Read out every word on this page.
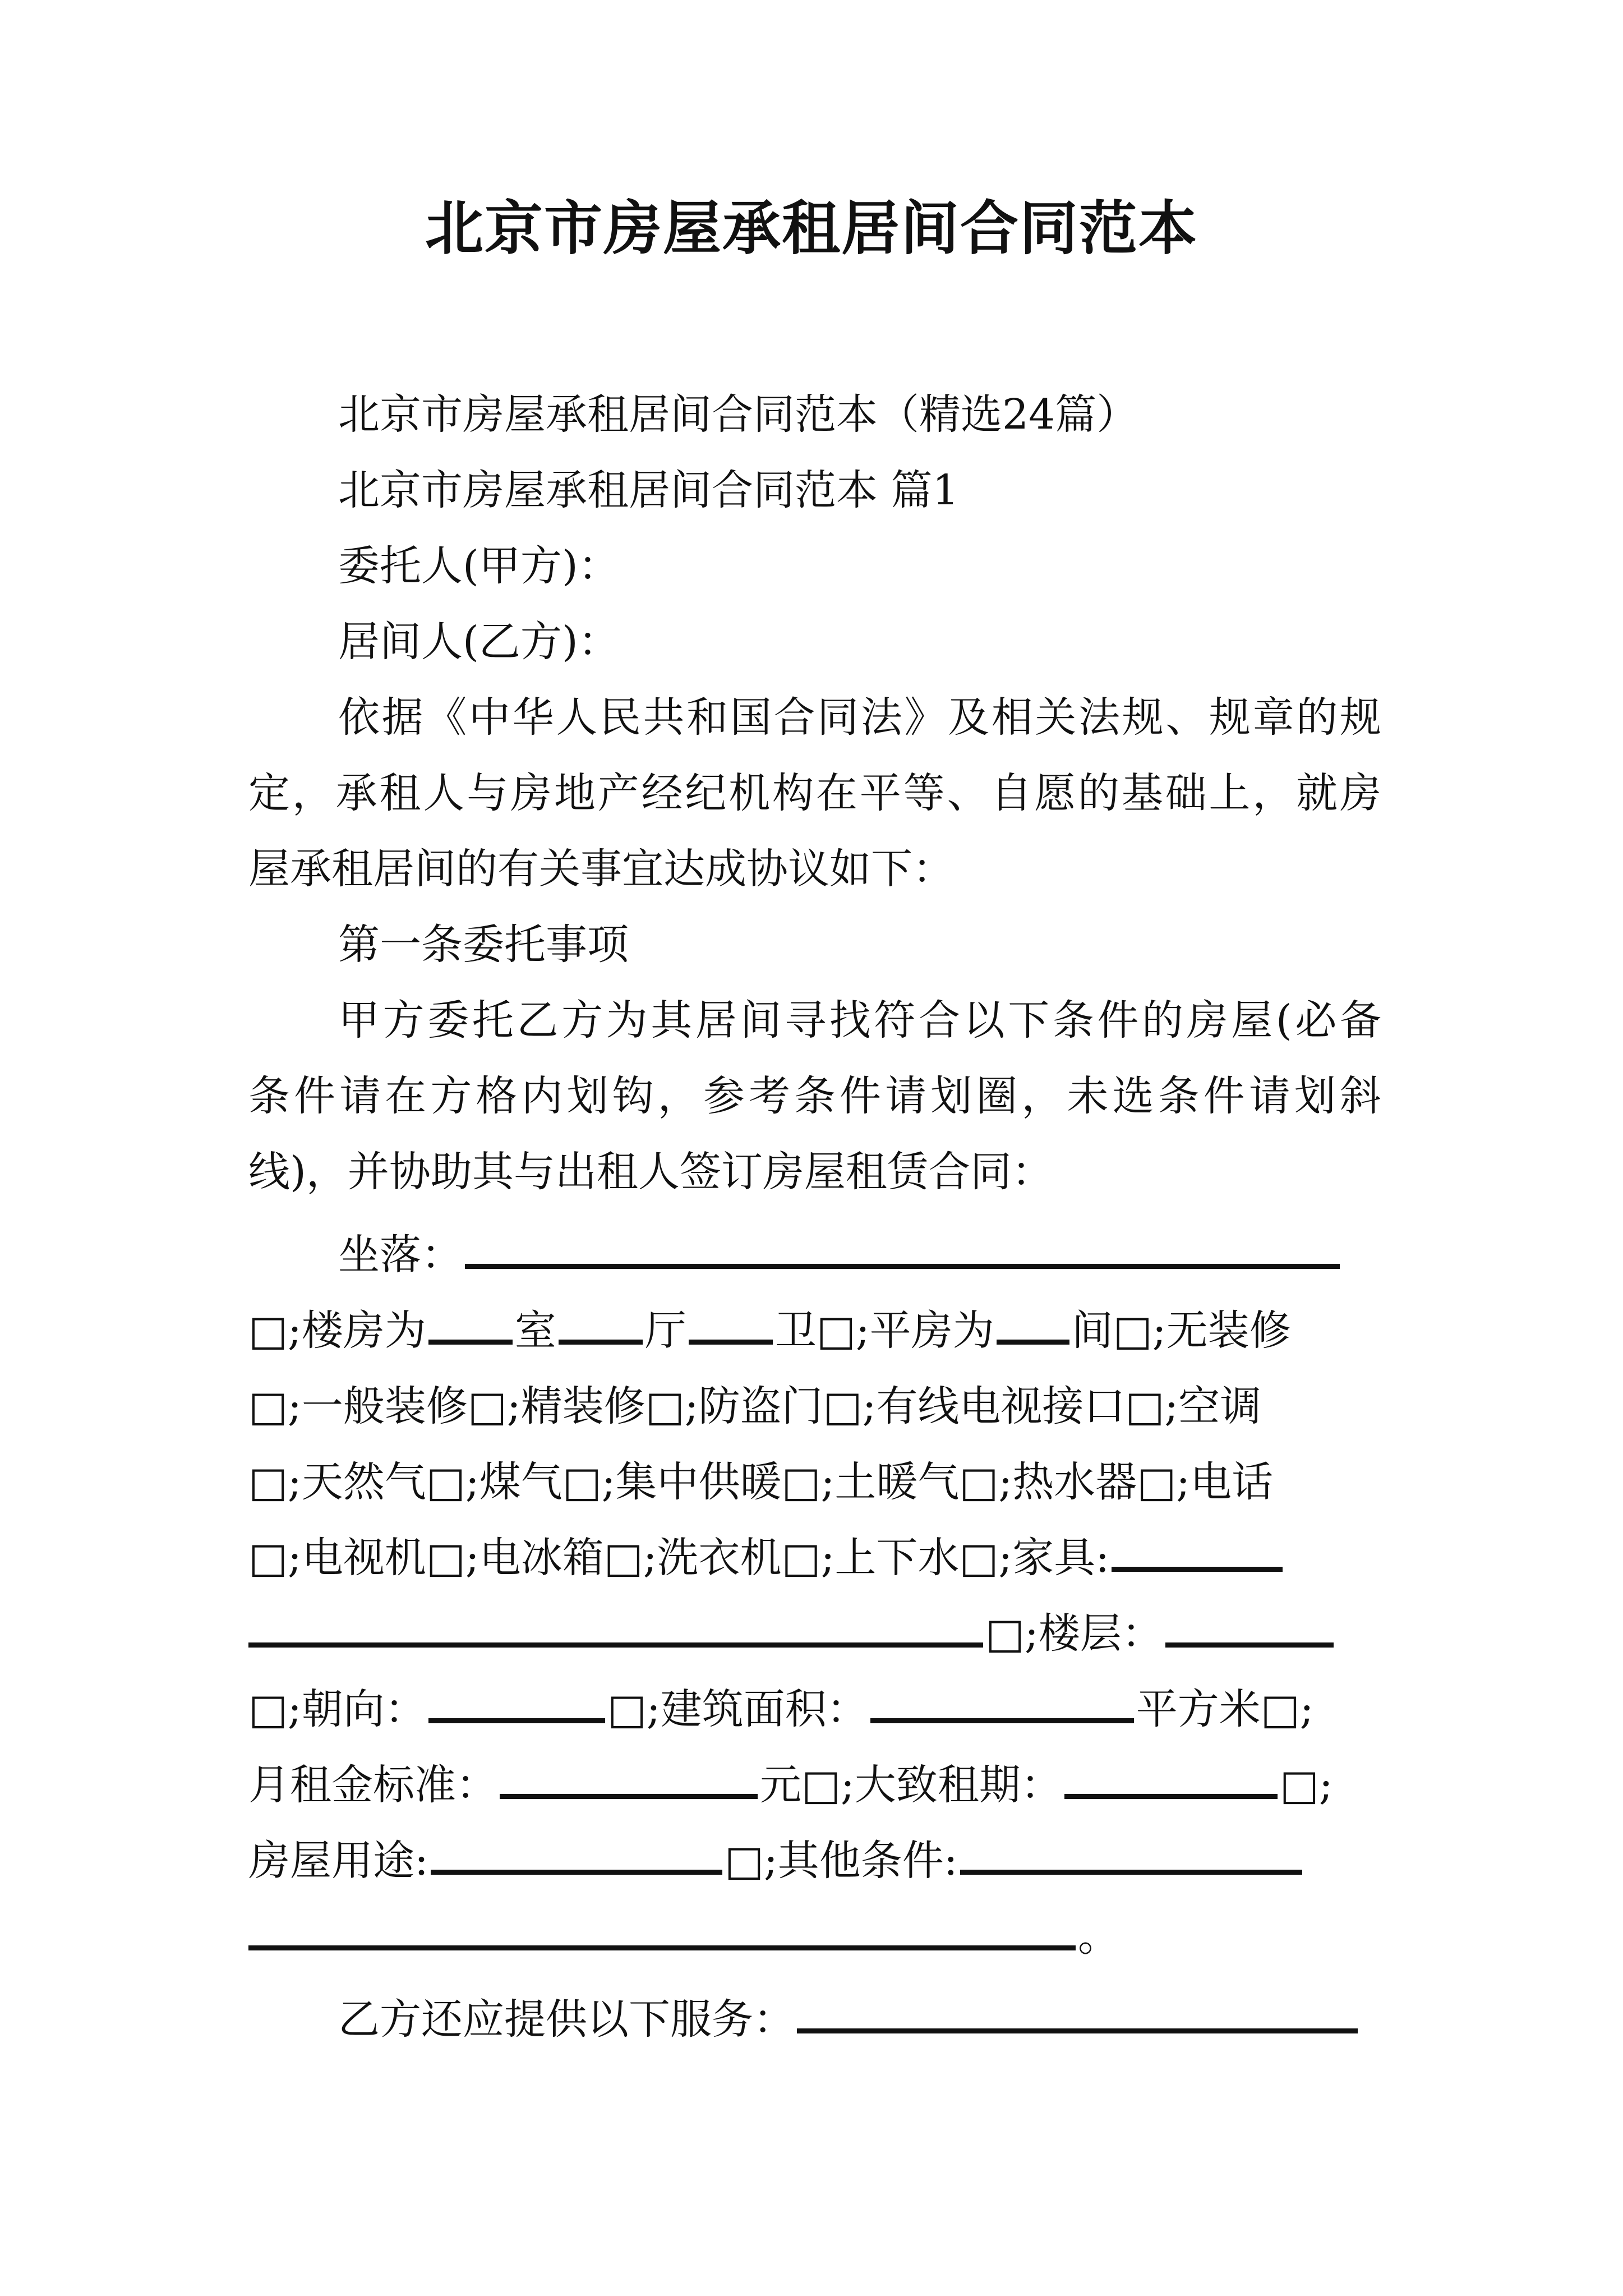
北京市房屋承租居间合同范本
北京市房屋承租居间合同范本（精选24篇）
北京市房屋承租居间合同范本 篇1
委托人(甲方)：
居间人(乙方)：
依据《中华人民共和国合同法》及相关法规、规章的规
定，承租人与房地产经纪机构在平等、自愿的基础上，就房
屋承租居间的有关事宜达成协议如下：
第一条委托事项
甲方委托乙方为其居间寻找符合以下条件的房屋(必备
条件请在方格内划钩，参考条件请划圈，未选条件请划斜
线)，并协助其与出租人签订房屋租赁合同：
坐落：
□;楼房为 室 厅 卫□;平房为 间□;无装修
□;一般装修□;精装修□;防盗门□;有线电视接口□;空调
□;天然气□;煤气□;集中供暖□;土暖气□;热水器□;电话
□;电视机□;电冰箱□;洗衣机□;上下水□;家具:
□;楼层：
□;朝向：	□;建筑面积：	平方米□;
月租金标准：	元□;大致租期：	□;
房屋用途:	□;其他条件:
。
乙方还应提供以下服务：
